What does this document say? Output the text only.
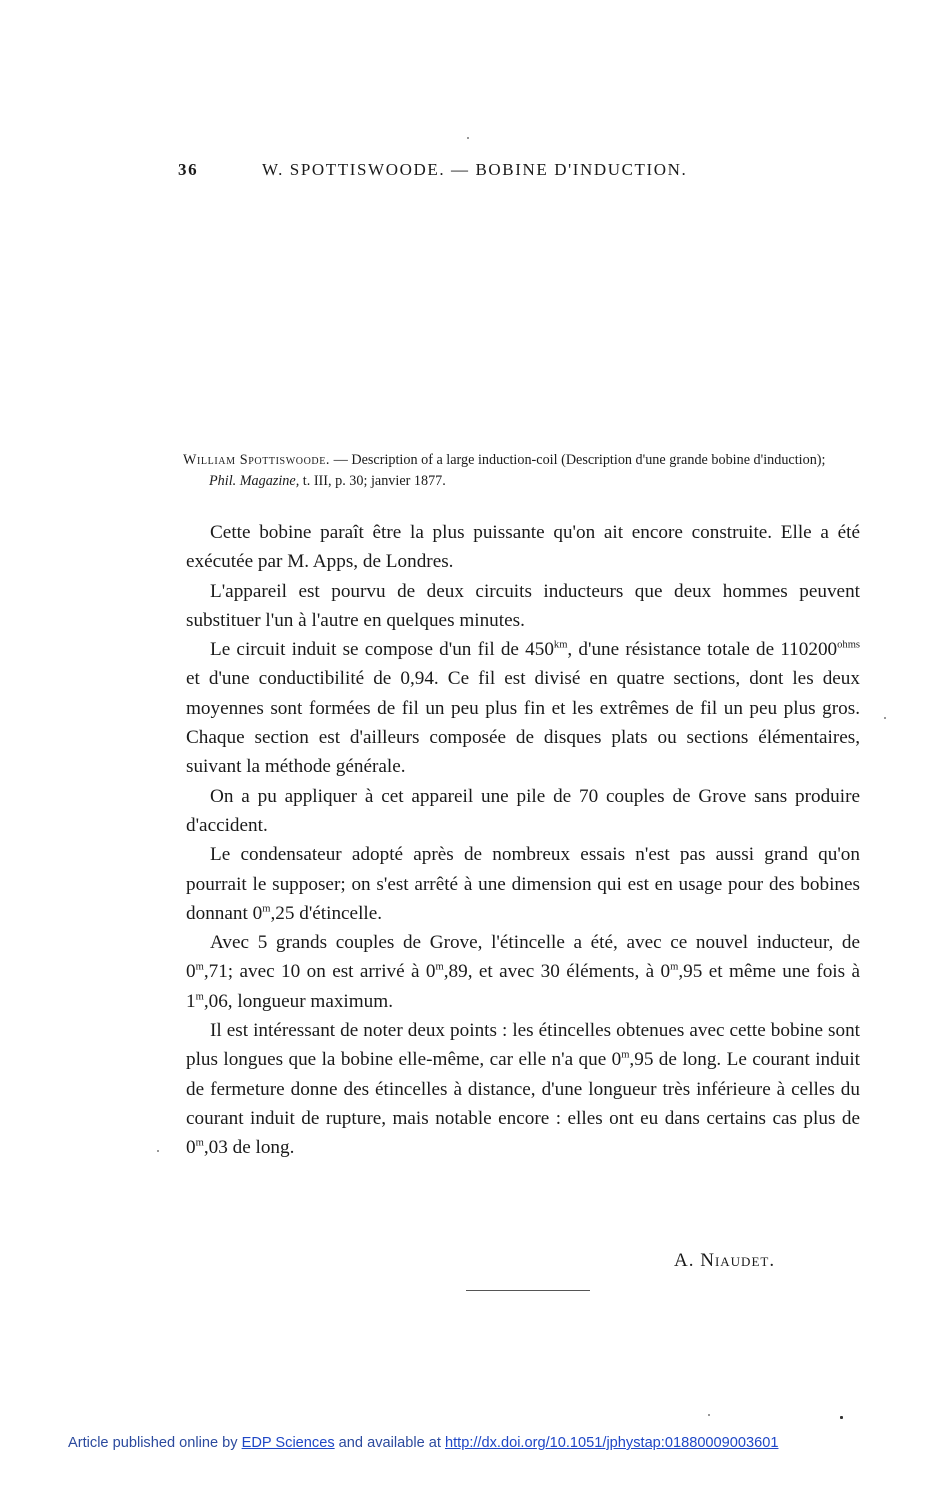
36	W. SPOTTISWOODE. — BOBINE D'INDUCTION.
William Spottiswoode. — Description of a large induction-coil (Description d'une grande bobine d'induction); Phil. Magazine, t. III, p. 30; janvier 1877.

Cette bobine paraît être la plus puissante qu'on ait encore construite. Elle a été exécutée par M. Apps, de Londres.

L'appareil est pourvu de deux circuits inducteurs que deux hommes peuvent substituer l'un à l'autre en quelques minutes.

Le circuit induit se compose d'un fil de $450^{km}$, d'une résistance totale de $110200^{ohms}$ et d'une conductibilité de 0,94. Ce fil est divisé en quatre sections, dont les deux moyennes sont formées de fil un peu plus fin et les extrêmes de fil un peu plus gros. Chaque section est d'ailleurs composée de disques plats ou sections élémentaires, suivant la méthode générale.

On a pu appliquer à cet appareil une pile de 70 couples de Grove sans produire d'accident.

Le condensateur adopté après de nombreux essais n'est pas aussi grand qu'on pourrait le supposer; on s'est arrêté à une dimension qui est en usage pour des bobines donnant 0$^m$,25 d'étincelle.

Avec 5 grands couples de Grove, l'étincelle a été, avec ce nouvel inducteur, de 0$^m$,71; avec 10 on est arrivé à 0$^m$,89, et avec 30 éléments, à 0$^m$,95 et même une fois à 1$^m$,06, longueur maximum.

Il est intéressant de noter deux points : les étincelles obtenues avec cette bobine sont plus longues que la bobine elle-même, car elle n'a que 0$^m$,95 de long. Le courant induit de fermeture donne des étincelles à distance, d'une longueur très inférieure à celles du courant induit de rupture, mais notable encore : elles ont eu dans certains cas plus de 0$^m$,03 de long.

A. Niaudet.
Article published online by EDP Sciences and available at http://dx.doi.org/10.1051/jphystap:01880009003601
